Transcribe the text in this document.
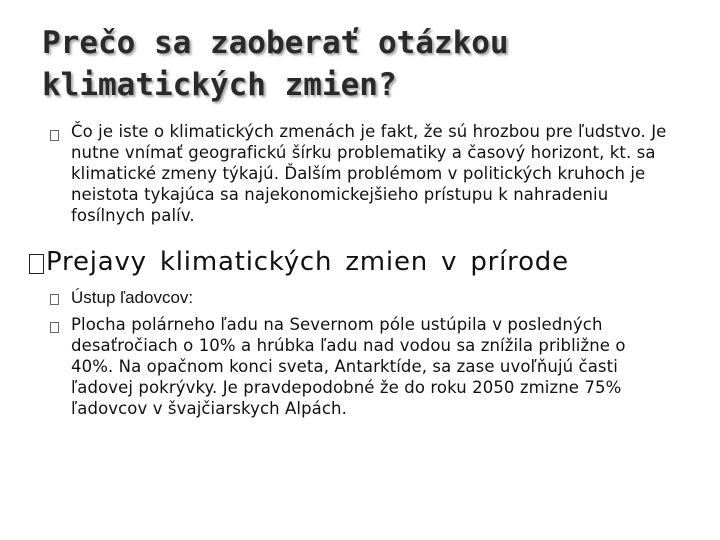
Prečo sa zaoberať otázkou klimatických zmien?
Čo je iste o klimatických zmenách je fakt, že sú hrozbou pre ľudstvo. Je nutne vnímať geografickú šírku problematiky a časový horizont, kt. sa klimatické zmeny týkajú. Ďalším problémom v politických kruhoch je neistota tykajúca sa najekonomickejšieho prístupu k nahradeniu fosílnych palív.
Prejavy klimatických zmien v prírode
Ústup ľadovcov:
Plocha polárneho ľadu na Severnom póle ustúpila v posledných desaťročiach o 10% a hrúbka ľadu nad vodou sa znížila približne o 40%. Na opačnom konci sveta, Antarktíde, sa zase uvoľňujú časti ľadovej pokrývky. Je pravdepodobné že do roku 2050 zmizne 75% ľadovcov v švajčiarskych Alpách.
